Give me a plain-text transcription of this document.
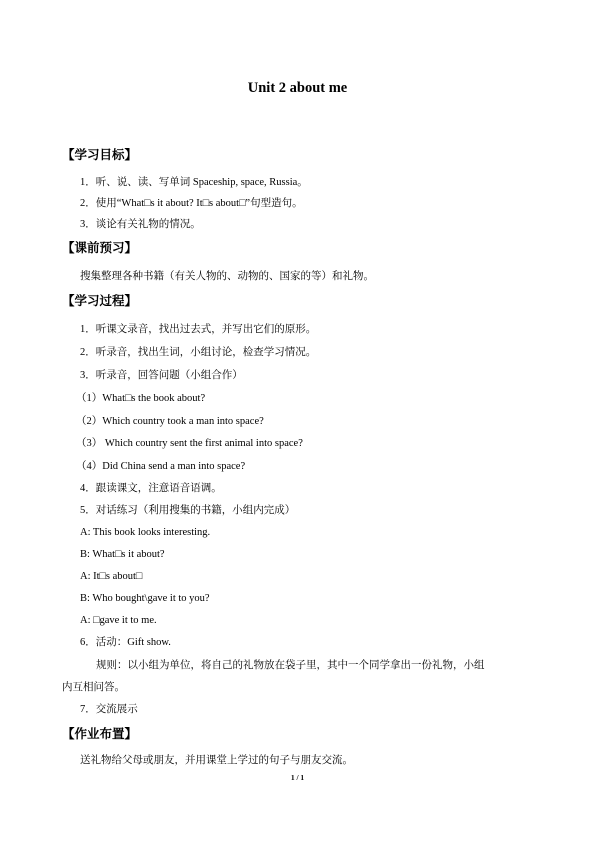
Unit 2 about me
【学习目标】
1．听、说、读、写单词 Spaceship, space, Russia。
2．使用“What□s it about? It□s about□”句型造句。
3．谈论有关礼物的情况。
【课前预习】
搜集整理各种书籍（有关人物的、动物的、国家的等）和礼物。
【学习过程】
1．听课文录音，找出过去式，并写出它们的原形。
2．听录音，找出生词，小组讨论，检查学习情况。
3．听录音，回答问题（小组合作）
（1）What□s the book about?
（2）Which country took a man into space?
（3） Which country sent the first animal into space?
（4）Did China send a man into space?
4．跟读课文，注意语音语调。
5．对话练习（利用搜集的书籍，小组内完成）
A: This book looks interesting.
B: What□s it about?
A: It□s about□
B: Who bought\gave it to you?
A: □gave it to me.
6．活动：Gift show.
规则：以小组为单位，将自己的礼物放在袋子里，其中一个同学拿出一份礼物，小组
内互相问答。
7．交流展示
【作业布置】
送礼物给父母或朋友，并用课堂上学过的句子与朋友交流。
1 / 1
